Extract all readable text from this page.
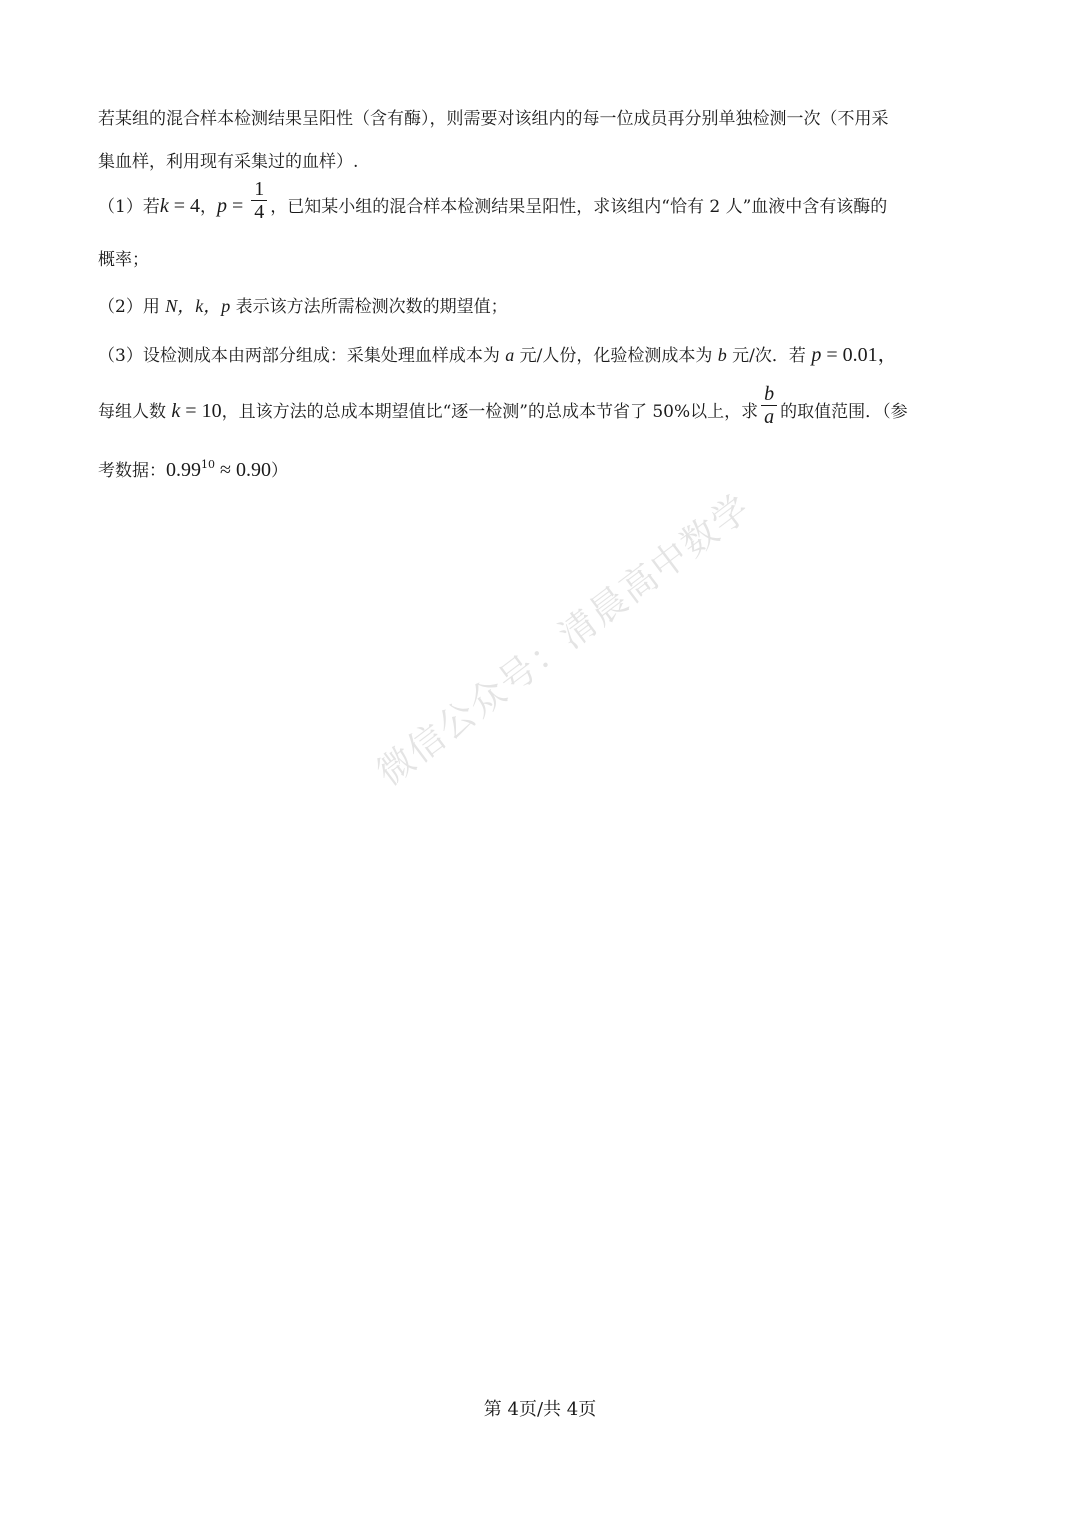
若某组的混合样本检测结果呈阳性（含有酶），则需要对该组内的每一位成员再分别单独检测一次（不用采
集血样，利用现有采集过的血样）.
（1）若k = 4，$p = \frac{1}{4}$ ，已知某小组的混合样本检测结果呈阳性，求该组内“恰有 2 人”血液中含有该酶的
概率；
（2）用 N，k，p 表示该方法所需检测次数的期望值；
（3）设检测成本由两部分组成：采集处理血样成本为 a 元/人份，化验检测成本为 b 元/次．若 p = 0.01，
每组人数 k = 10，且该方法的总成本期望值比“逐一检测”的总成本节省了 50%以上，求 $\frac{b}{a}$ 的取值范围．（参
考数据：$0.99^{10} \approx 0.90$）
微信公众号：清晨高中数学
第 4页/共 4页
